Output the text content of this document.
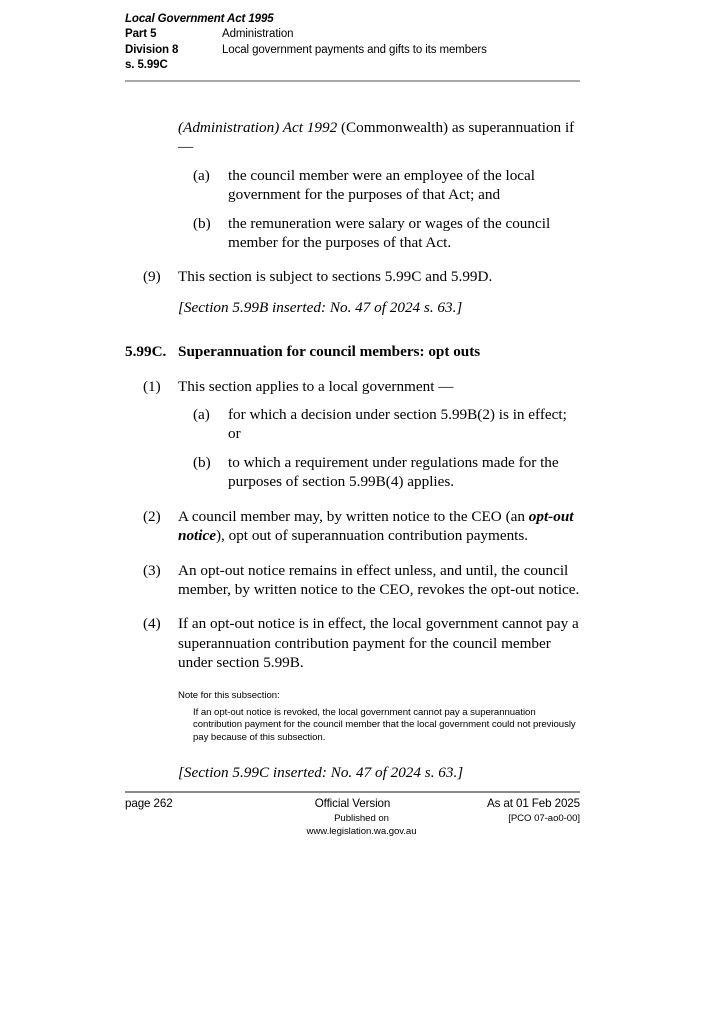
Local Government Act 1995
Part 5	Administration
Division 8	Local government payments and gifts to its members
s. 5.99C
(Administration) Act 1992 (Commonwealth) as superannuation if —
(a)	the council member were an employee of the local government for the purposes of that Act; and
(b)	the remuneration were salary or wages of the council member for the purposes of that Act.
(9)	This section is subject to sections 5.99C and 5.99D.
[Section 5.99B inserted: No. 47 of 2024 s. 63.]
5.99C. Superannuation for council members: opt outs
(1)	This section applies to a local government —
(a)	for which a decision under section 5.99B(2) is in effect; or
(b)	to which a requirement under regulations made for the purposes of section 5.99B(4) applies.
(2)	A council member may, by written notice to the CEO (an opt-out notice), opt out of superannuation contribution payments.
(3)	An opt-out notice remains in effect unless, and until, the council member, by written notice to the CEO, revokes the opt-out notice.
(4)	If an opt-out notice is in effect, the local government cannot pay a superannuation contribution payment for the council member under section 5.99B.
Note for this subsection:
If an opt-out notice is revoked, the local government cannot pay a superannuation contribution payment for the council member that the local government could not previously pay because of this subsection.
[Section 5.99C inserted: No. 47 of 2024 s. 63.]
page 262	Official Version	As at 01 Feb 2025
Published on www.legislation.wa.gov.au
[PCO 07-ao0-00]
